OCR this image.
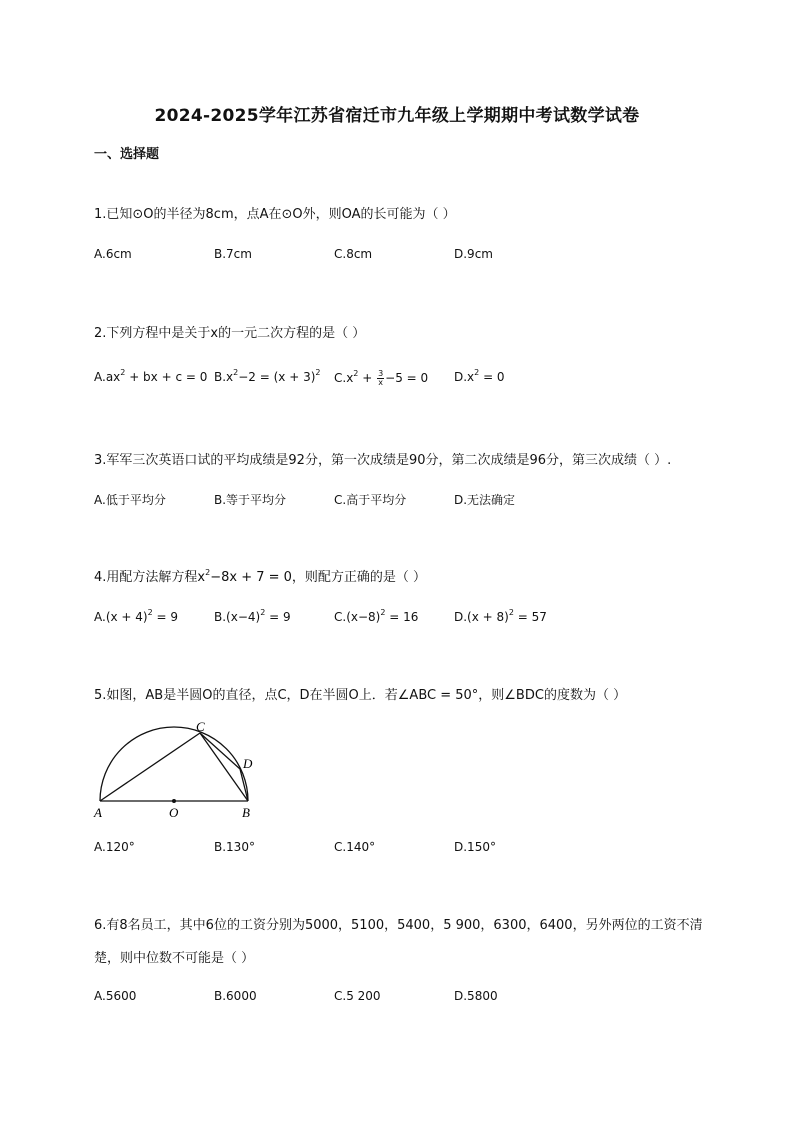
2024-2025学年江苏省宿迁市九年级上学期期中考试数学试卷
一、选择题
1.已知⊙O的半径为8cm，点A在⊙O外，则OA的长可能为（ ）
A.6cm	B.7cm	C.8cm	D.9cm
2.下列方程中是关于x的一元二次方程的是（ ）
$A.ax^2$ + bx + c = 0 $B.x^2-2 = (x + 3)^2$ $C.x^2 + \frac{3}{x} -5 = 0$ $D.x^2 = 0$
3.军军三次英语口试的平均成绩是92分，第一次成绩是90分，第二次成绩是96分，第三次成绩（ ）.
A.低于平均分	B.等于平均分	C.高于平均分	D.无法确定
4.用配方法解方程$x^2-8x + 7 = 0$，则配方正确的是（ ）
$A.(x + 4)^2 = 9$	$B.(x-4)^2 = 9$	$C.(x-8)^2 = 16$	$D.(x + 8)^2 = 57$
5.如图，AB是半圆O的直径，点C，D在半圆O上．若∠ABC = 50°，则∠BDC的度数为（ ）
A	B
C
D
O
A.120°	B.130°	C.140°	D.150°
6.有8名员工，其中6位的工资分别为5000，5100，5400，5 900，6300，6400，另外两位的工资不清
楚，则中位数不可能是（ ）
A.5600	B.6000	C.5 200	D.5800
